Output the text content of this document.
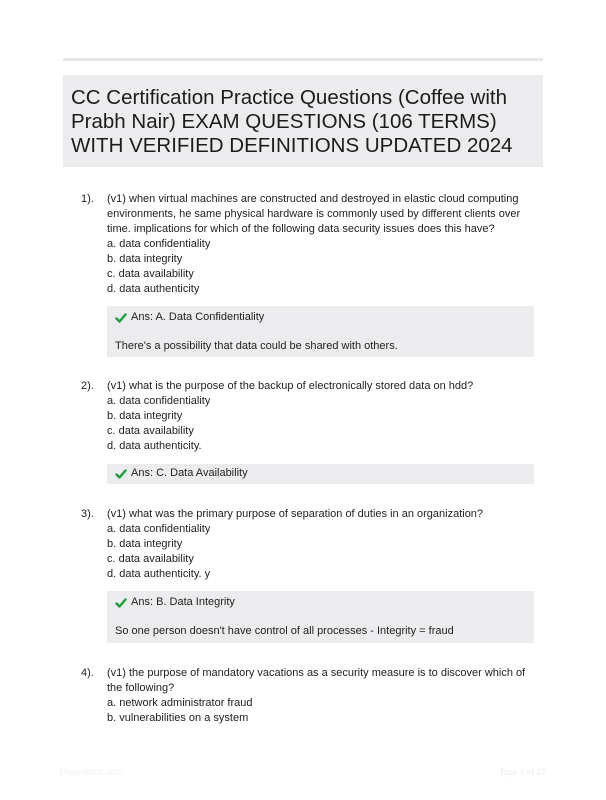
CC Certification Practice Questions (Coffee with Prabh Nair) EXAM QUESTIONS (106 TERMS) WITH VERIFIED DEFINITIONS UPDATED 2024
1). (v1) when virtual machines are constructed and destroyed in elastic cloud computing environments, he same physical hardware is commonly used by different clients over time. implications for which of the following data security issues does this have?

a. data confidentiality

b. data integrity

c. data availability

d. data authenticity

Ans: A. Data Confidentiality
There's a possibility that data could be shared with others.
2). (v1) what is the purpose of the backup of electronically stored data on hdd?

a. data confidentiality

b. data integrity

c. data availability

d. data authenticity.

Ans: C. Data Availability
3). (v1) what was the primary purpose of separation of duties in an organization?

a. data confidentiality

b. data integrity

c. data availability

d. data authenticity. y

Ans: B. Data Integrity
So one person doesn't have control of all processes - Integrity = fraud
4). (v1) the purpose of mandatory vacations as a security measure is to discover which of the following?

a. network administrator fraud

b. vulnerabilities on a system

Paperfetch.com	Page 1 of 27
